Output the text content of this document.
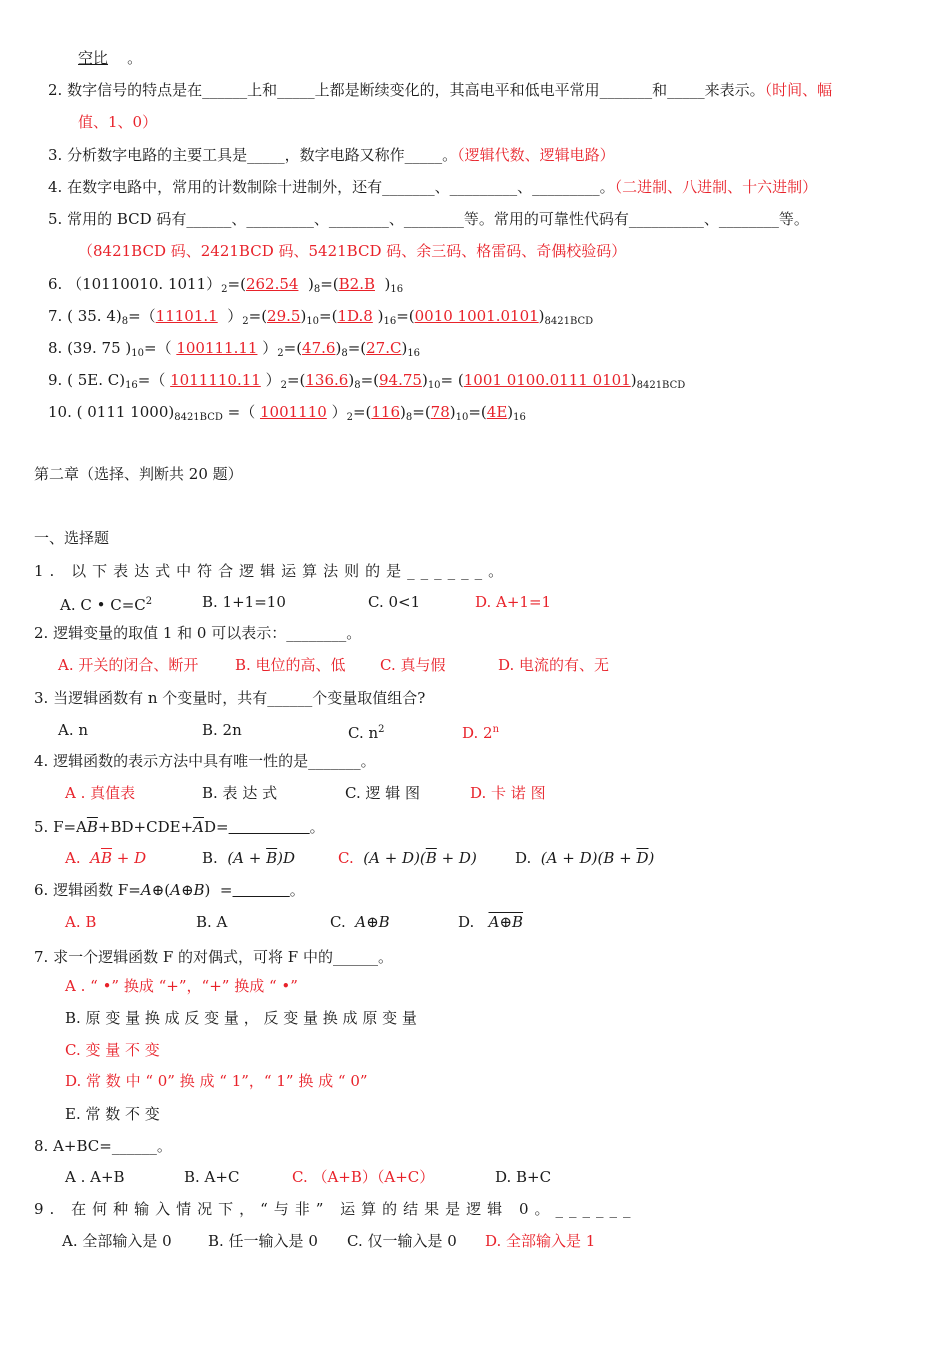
空比 。
2. 数字信号的特点是在______上和_____上都是断续变化的，其高电平和低电平常用_______和_____来表示。（时间、幅
值、1、0）
3. 分析数字电路的主要工具是_____，数字电路又称作_____。（逻辑代数、逻辑电路）
4. 在数字电路中，常用的计数制除十进制外，还有_______、_________、_________。（二进制、八进制、十六进制）
5. 常用的 BCD 码有______、_________、________、________等。常用的可靠性代码有__________、________等。
（8421BCD 码、2421BCD 码、5421BCD 码、余三码、格雷码、奇偶校验码）
6. （10110010. $1011)_2=(262.54$  )$_8=(B2.B$  )$_{16}$
7. ( 35. $4)_8=(11101.1$  ）$_2=(29.5)_{10}=(1D.8$ )$_{16}=(0010$ $1001.0101)_{8421BCD}$
8. (39. 75 )$_{10}=$（ 100111.11 ）$_2=(47.6)_8=(27.C)_{16}$
9. ( 5E. $C)_{16}=$（ 1011110.11 ）$_2=(136.6)_8=(94.75)_{10}= (1001$ 0100.0111 $0101)_{8421BCD}$
10. ( 0111 $1000)_{8421BCD}$ =（ 1001110 ）$_2=(116)_8=(78)_{10}=(4E)_{16}$
第二章（选择、判断共 20 题）
一、选择题
1. 以下表达式中符合逻辑运算法则的是______。
A. C • $C=C^2$	B. 1+1=10	C. 0<1	D. A+1=1
2. 逻辑变量的取值 1 和 0 可以表示：________。
A. 开关的闭合、断开 B. 电位的高、低 C. 真与假	D. 电流的有、无
3. 当逻辑函数有 n 个变量时，共有______个变量取值组合?
A. n	B. 2n	C. $n^2$	D. 2$^n$
4. 逻辑函数的表示方法中具有唯一性的是_______。
A . 真值表	B. 表 达 式	C. 逻 辑 图	D. 卡 诺 图
5. $F=A\overline{B}+BD+CDE+\overline{A}D=$	。
A.  $A\overline{B} + D$	B.  $(A + \overline{B})D$	C.  $(A + D)(\overline{B} + D)$	D.  $(A + D)(B + \overline{D})$
6. 逻辑函数 F=A⊕(A⊕B)  =	。
A. B	B. A	C.  A⊕B	D.   A⊕B
7. 求一个逻辑函数 F 的对偶式，可将 F 中的______。
A . “ •” 换成 “+”，“+” 换成 “ •”
B. 原 变 量 换 成 反 变 量 ， 反 变 量 换 成 原 变 量
C. 变 量 不 变
D. 常 数 中 “ 0” 换 成 “ 1”，“ 1” 换 成 “ 0”
E. 常 数 不 变
8. A+BC=______。
A . A+B	B. A+C	C. （A+B）（A+C）	D. B+C
9. 在何种输入情况下，“与非” 运算的结果是逻辑 0。______
A. 全部输入是 0 B. 任一输入是 0 C. 仅一输入是 0 D. 全部输入是 1
